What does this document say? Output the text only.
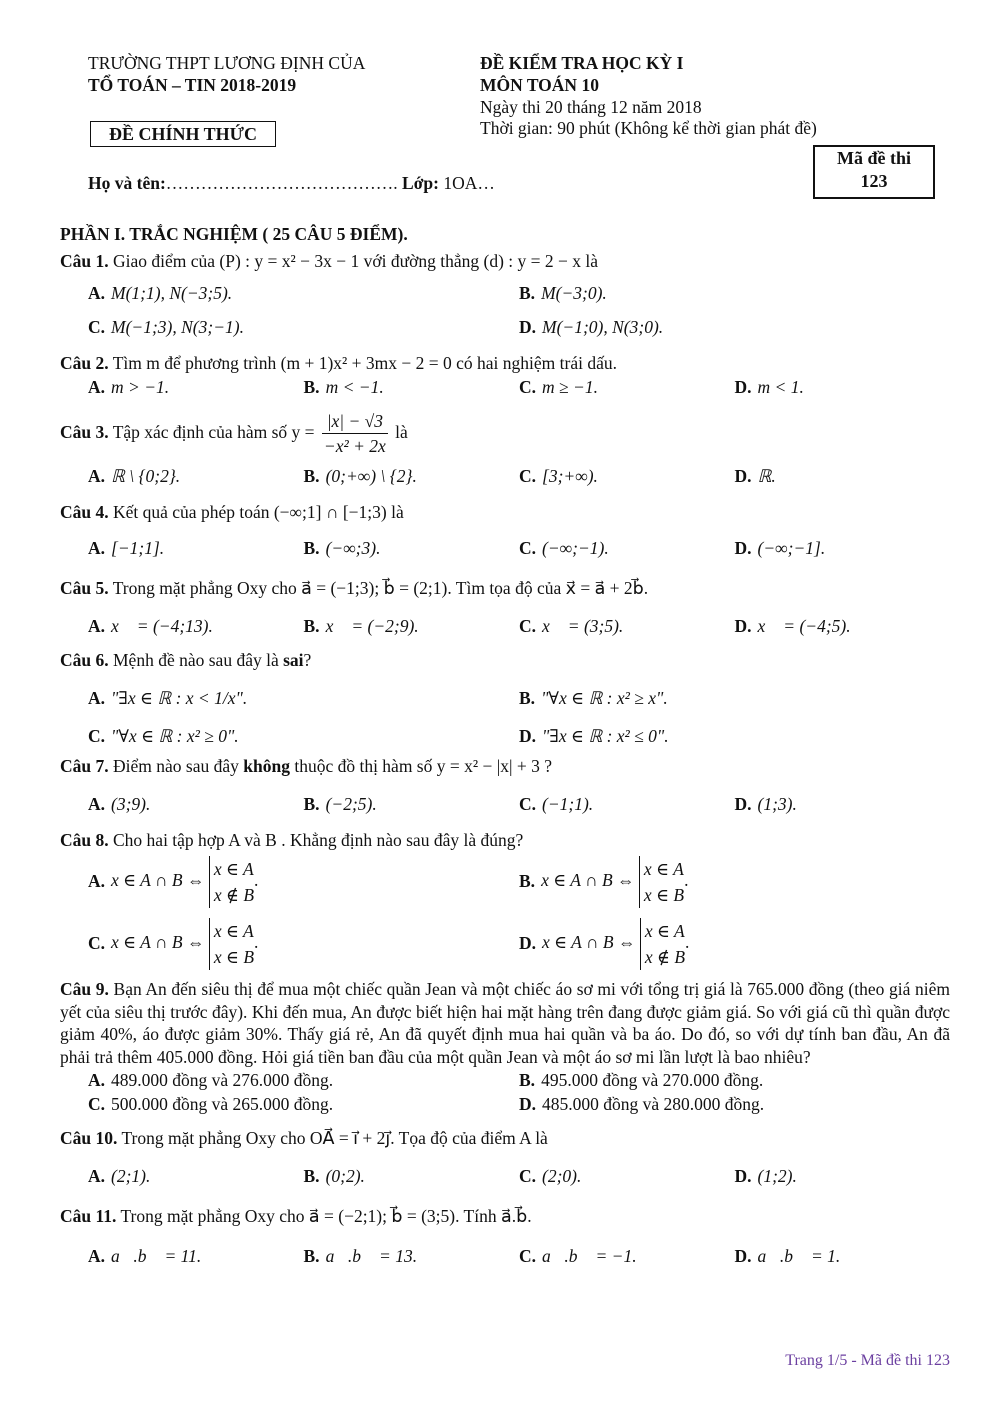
TRƯỜNG THPT LƯƠNG ĐỊNH CỦA
TỔ TOÁN – TIN 2018-2019
ĐỀ KIỂM TRA HỌC KỲ I
MÔN TOÁN 10
Ngày thi 20 tháng 12 năm 2018
Thời gian: 90 phút (Không kể thời gian phát đề)
ĐỀ CHÍNH THỨC
Mã đề thi
123
Họ và tên:…………………………………. Lớp: 1OA…
PHẦN I. TRẮC NGHIỆM ( 25 CÂU 5 ĐIỂM).

Câu 1. Giao điểm của (P) : y = x² − 3x − 1 với đường thẳng (d) : y = 2 − x là

A. M(1;1), N(−3;5).	B. M(−3;0).
C. M(−1;3), N(3;−1).	D. M(−1;0), N(3;0).

Câu 2. Tìm m để phương trình (m + 1)x² + 3mx − 2 = 0 có hai nghiệm trái dấu.

A. m > −1.	B. m < −1.	C. m ≥ −1.	D. m < 1.

Câu 3. Tập xác định của hàm số $y = \frac{|x| - √3}{\text{−x² + 2x}}$ là

A. ℝ \ {0;2}.	B. (0;+∞) \ {2}.	C. [3;+∞).	D. ℝ.

Câu 4. Kết quả của phép toán (−∞;1] ∩ [−1;3) là

A. [−1;1].	B. (−∞;3).	C. (−∞;−1).	D. (−∞;−1].

Câu 5. Trong mặt phẳng Oxy cho a⃗ = (−1;3); b⃗ = (2;1). Tìm tọa độ của x⃗ = a⃗ + 2b⃗.

A. x⃗ = (−4;13).	B. x⃗ = (−2;9).	C. x⃗ = (3;5).	D. x⃗ = (−4;5).

Câu 6. Mệnh đề nào sau đây là sai?

A. "∃x ∈ ℝ : x < 1/x".	B. "∀x ∈ ℝ : x² ≥ x".
C. "∀x ∈ ℝ : x² ≥ 0".	D. "∃x ∈ ℝ : x² ≤ 0".

Câu 7. Điểm nào sau đây không thuộc đồ thị hàm số y = x² − |x| + 3 ?

A. (3;9).	B. (−2;5).	C. (−1;1).	D. (1;3).

Câu 8. Cho hai tập hợp A và B . Khẳng định nào sau đây là đúng?

A. x ∈ A ∩ B ⇔ x ∈ A
x ∉ B.	B. x ∈ A ∩ B ⇔ x ∈ A
x ∈ B.
C. x ∈ A ∩ B ⇔ x ∈ A
x ∈ B.	D. x ∈ A ∩ B ⇔ x ∈ A
x ∉ B.

Câu 9. Bạn An đến siêu thị để mua một chiếc quần Jean và một chiếc áo sơ mi với tổng trị giá là 765.000 đồng (theo giá niêm yết của siêu thị trước đây). Khi đến mua, An được biết hiện hai mặt hàng trên đang được giảm giá. So với giá cũ thì quần được giảm 40%, áo được giảm 30%. Thấy giá rẻ, An đã quyết định mua hai quần và ba áo. Do đó, so với dự tính ban đầu, An đã phải trả thêm 405.000 đồng. Hỏi giá tiền ban đầu của một quần Jean và một áo sơ mi lần lượt là bao nhiêu?

A. 489.000 đồng và 276.000 đồng.	B. 495.000 đồng và 270.000 đồng.
C. 500.000 đồng và 265.000 đồng.	D. 485.000 đồng và 280.000 đồng.

Câu 10. Trong mặt phẳng Oxy cho OA⃗ = i⃗ + 2j⃗. Tọa độ của điểm A là

A. (2;1).	B. (0;2).	C. (2;0).	D. (1;2).

Câu 11. Trong mặt phẳng Oxy cho a⃗ = (−2;1); b⃗ = (3;5). Tính a⃗.b⃗.

A. a⃗.b⃗ = 11.	B. a⃗.b⃗ = 13.	C. a⃗.b⃗ = −1.	D. a⃗.b⃗ = 1.
Trang 1/5 - Mã đề thi 123
